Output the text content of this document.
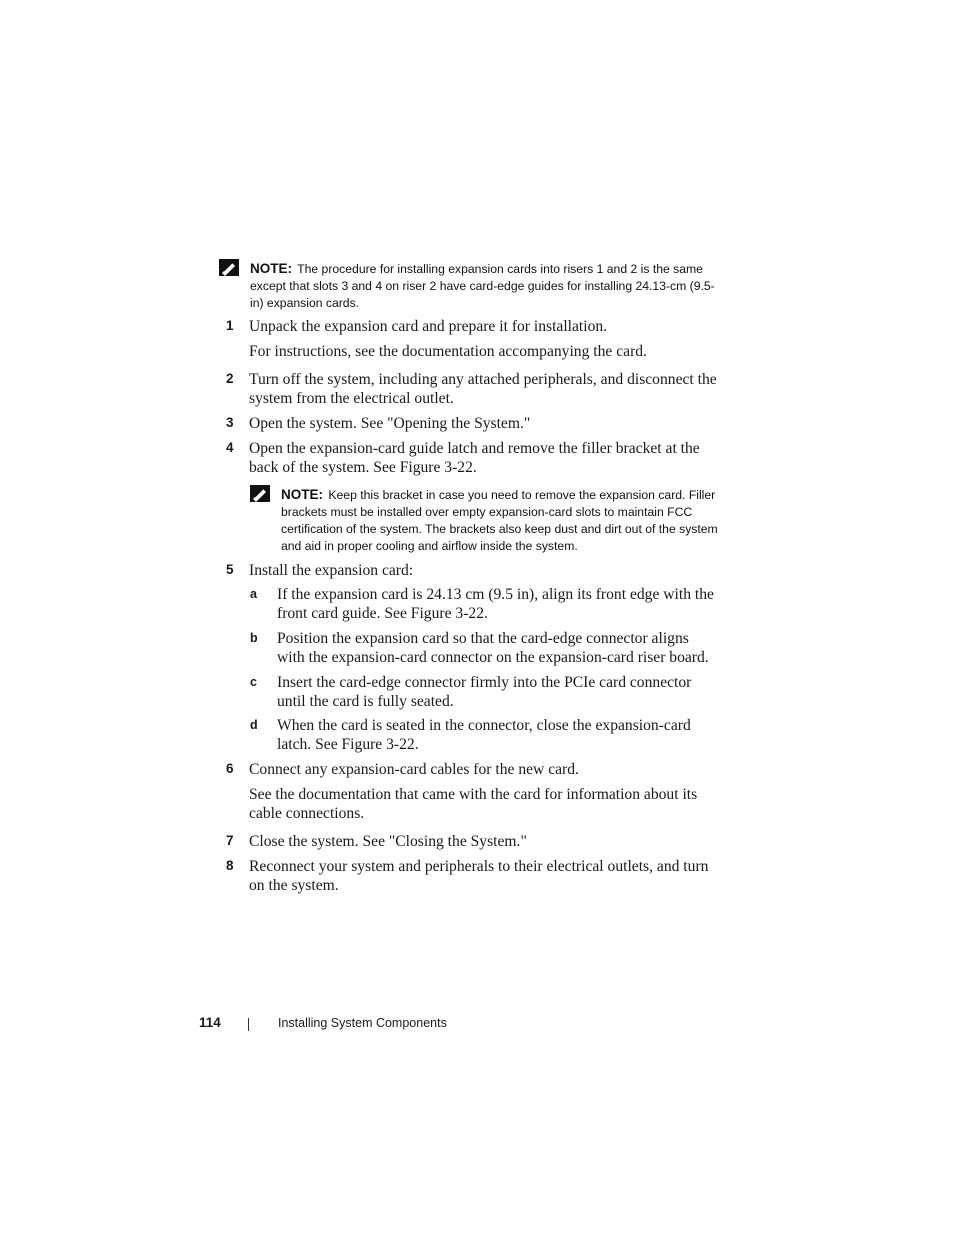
NOTE: The procedure for installing expansion cards into risers 1 and 2 is the same except that slots 3 and 4 on riser 2 have card-edge guides for installing 24.13-cm (9.5-in) expansion cards.
1 Unpack the expansion card and prepare it for installation.
For instructions, see the documentation accompanying the card.
2 Turn off the system, including any attached peripherals, and disconnect the system from the electrical outlet.
3 Open the system. See "Opening the System."
4 Open the expansion-card guide latch and remove the filler bracket at the back of the system. See Figure 3-22.
NOTE: Keep this bracket in case you need to remove the expansion card. Filler brackets must be installed over empty expansion-card slots to maintain FCC certification of the system. The brackets also keep dust and dirt out of the system and aid in proper cooling and airflow inside the system.
5 Install the expansion card:
a If the expansion card is 24.13 cm (9.5 in), align its front edge with the front card guide. See Figure 3-22.
b Position the expansion card so that the card-edge connector aligns with the expansion-card connector on the expansion-card riser board.
c Insert the card-edge connector firmly into the PCIe card connector until the card is fully seated.
d When the card is seated in the connector, close the expansion-card latch. See Figure 3-22.
6 Connect any expansion-card cables for the new card.
See the documentation that came with the card for information about its cable connections.
7 Close the system. See "Closing the System."
8 Reconnect your system and peripherals to their electrical outlets, and turn on the system.
114	Installing System Components
